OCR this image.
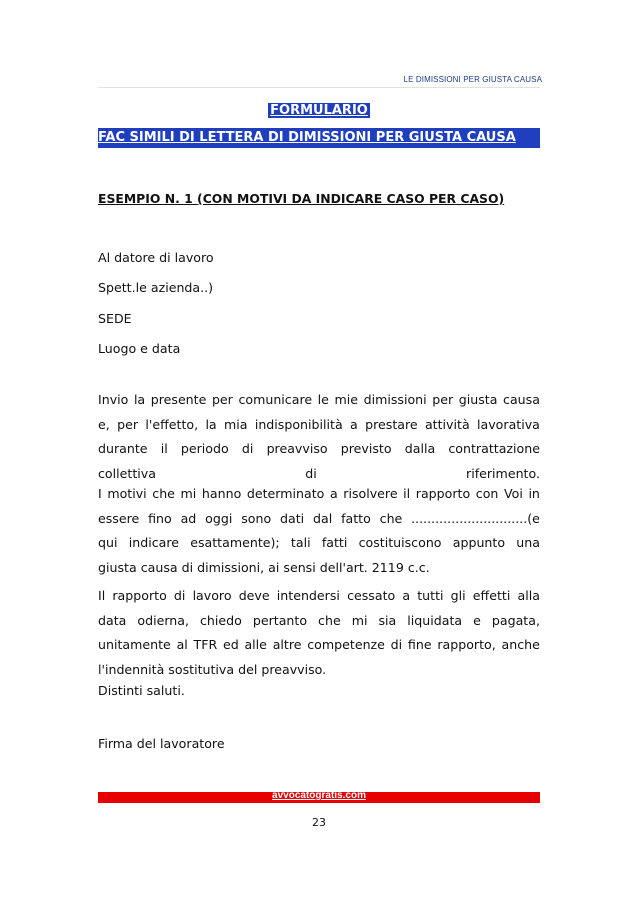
LE DIMISSIONI PER GIUSTA CAUSA
FORMULARIO
FAC SIMILI DI LETTERA DI DIMISSIONI PER GIUSTA CAUSA
ESEMPIO N. 1 (CON MOTIVI DA INDICARE CASO PER CASO)
Al datore di lavoro
Spett.le azienda..)
SEDE
Luogo e data
Invio la presente per comunicare le mie dimissioni per giusta causa
e, per l'effetto, la mia indisponibilità a prestare attività lavorativa
durante il periodo di preavviso previsto dalla contrattazione
collettiva	di	riferimento.
I motivi che mi hanno determinato a risolvere il rapporto con Voi in
essere fino ad oggi sono dati dal fatto che .............................(e
qui indicare esattamente); tali fatti costituiscono appunto una
giusta causa di dimissioni, ai sensi dell'art. 2119 c.c.
Il rapporto di lavoro deve intendersi cessato a tutti gli effetti alla
data odierna, chiedo pertanto che mi sia liquidata e pagata,
unitamente al TFR ed alle altre competenze di fine rapporto, anche
l'indennità sostitutiva del preavviso.
Distinti saluti.
Firma del lavoratore
avvocatogratis.com
23
